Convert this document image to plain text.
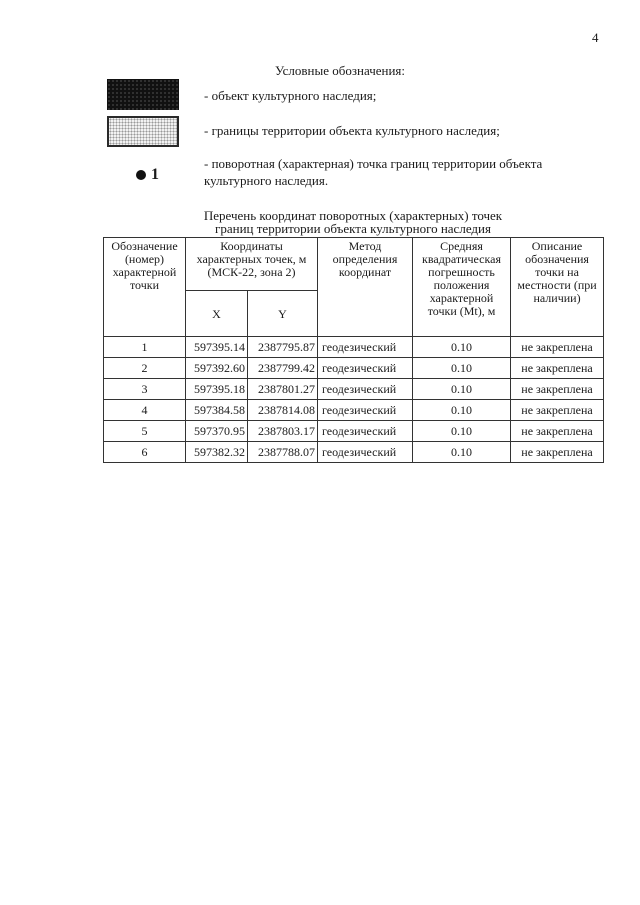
4
Условные обозначения:
- объект культурного наследия;
- границы территории объекта культурного наследия;
1
- поворотная (характерная) точка границ территории объекта культурного наследия.
Перечень координат поворотных (характерных) точек
границ территории объекта культурного наследия
Обозначение (номер) характерной точки	Координаты характерных точек, м (МСК-22, зона 2)		Метод определения координат	Средняя квадратическая погрешность положения характерной точки (Mt), м	Описание обозначения точки на местности (при наличии)
	X	Y			
1	597395.14	2387795.87	геодезический	0.10	не закреплена
2	597392.60	2387799.42	геодезический	0.10	не закреплена
3	597395.18	2387801.27	геодезический	0.10	не закреплена
4	597384.58	2387814.08	геодезический	0.10	не закреплена
5	597370.95	2387803.17	геодезический	0.10	не закреплена
6	597382.32	2387788.07	геодезический	0.10	не закреплена
